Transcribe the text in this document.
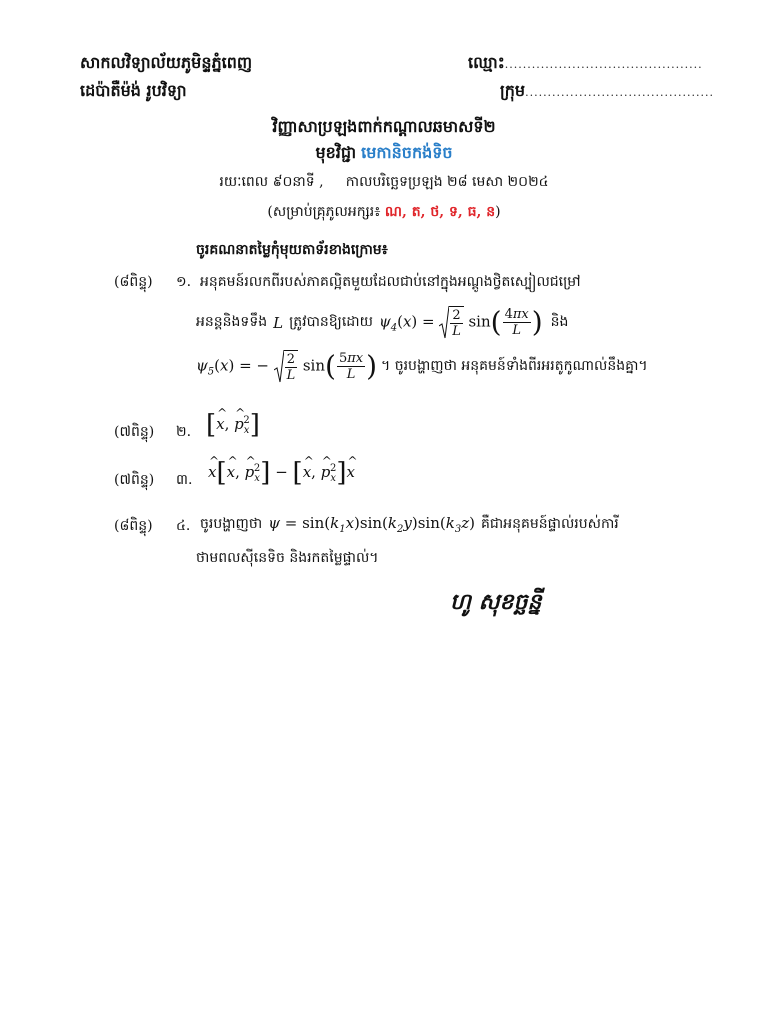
សាកលវិទ្យាល័យភូមិន្ទភ្នំពេញ
ដេប៉ាតឺម៉ង់ រូបវិទ្យា
ឈ្មោះ............................................
ក្រុម..........................................
វិញ្ញាសាប្រឡងពាក់កណ្ដាលឆមាសទី២
មុខវិជ្ជា មេកានិចកង់ទិច
រយៈពេល ៩០នាទី , កាលបរិច្ឆេទប្រឡង ២៨ មេសា ២០២៤
(សម្រាប់គ្រុភូលអក្សរ៖ ណ, ត, ថ, ទ, ធ, ន)
ចូរគណនាតម្លៃកុំមុយតាទ័រខាងក្រោម៖
(៨ពិន្ទុ) ១. អនុគមន៍រលកពីរបស់ភាគល្អិតមួយដែលជាប់នៅក្នុងអណ្តូងថ្វិតស្បៀលជម្រៅ
អនន្តនិងទទឹង L ត្រូវបានឱ្យដោយ $\psi_4(x) = \frac{2}{L} \sin( \frac{4\pi x}{L}$ ) និង
$\psi_5(x)$ = − $\frac{2}{L} \sin( \frac{5\pi x}{L}$ ) ។ ចូរបង្ហាញថា អនុគមន៍ទាំងពីរអរតូកូណាល់នឹងគ្នា។
(៧ពិន្ទុ) ២. [^ x, ^ $p_x^2$]
(៧ពិន្ទុ) ៣.
^ x[^ x, ^ $p_x^2$] − [^ x, ^ $p_x^2]\^{}$ x
(៨ពិន្ទុ) ៤. ចូរបង្ហាញថា $\psi = \sin(k_1x)\sin(k_2y)\sin(k_3z)$ គឺជាអនុគមន៍ផ្ទាល់របស់ការី
ថាមពលស៊ីនេទិច និងរកតម្លៃផ្ទាល់។
ហូ សុខច្ឆន្នី
